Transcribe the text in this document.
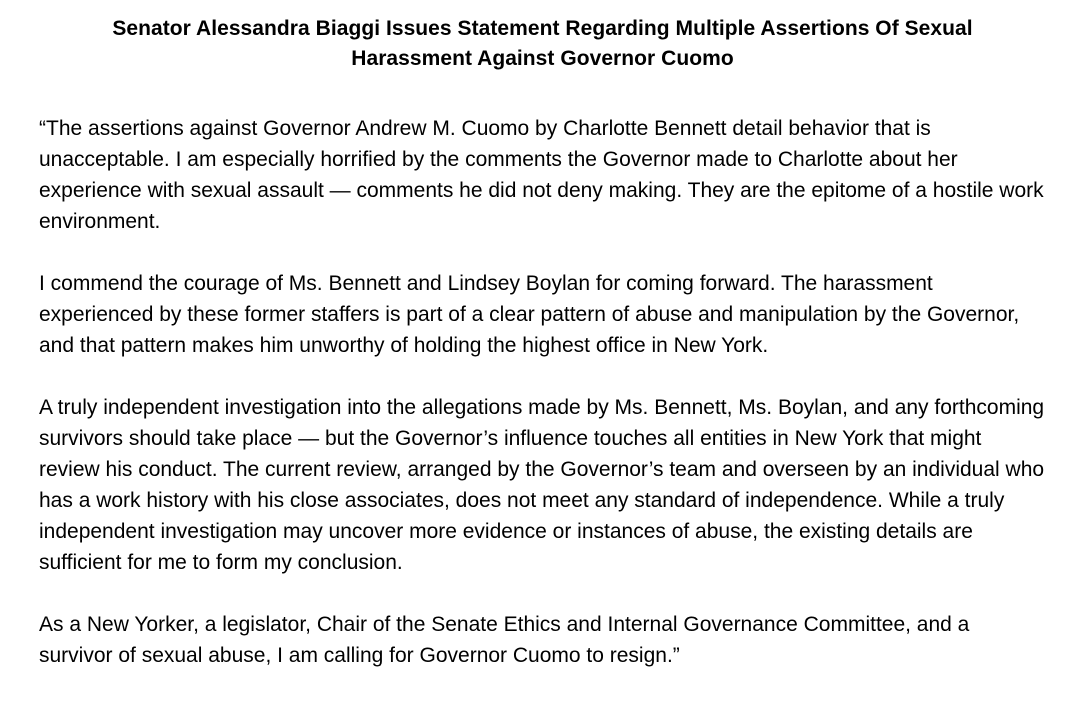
Senator Alessandra Biaggi Issues Statement Regarding Multiple Assertions Of Sexual
Harassment Against Governor Cuomo

“The assertions against Governor Andrew M. Cuomo by Charlotte Bennett detail behavior that is unacceptable. I am especially horrified by the comments the Governor made to Charlotte about her experience with sexual assault — comments he did not deny making. They are the epitome of a hostile work environment.

I commend the courage of Ms. Bennett and Lindsey Boylan for coming forward. The harassment experienced by these former staffers is part of a clear pattern of abuse and manipulation by the Governor, and that pattern makes him unworthy of holding the highest office in New York.

A truly independent investigation into the allegations made by Ms. Bennett, Ms. Boylan, and any forthcoming survivors should take place — but the Governor’s influence touches all entities in New York that might review his conduct. The current review, arranged by the Governor’s team and overseen by an individual who has a work history with his close associates, does not meet any standard of independence. While a truly independent investigation may uncover more evidence or instances of abuse, the existing details are sufficient for me to form my conclusion.

As a New Yorker, a legislator, Chair of the Senate Ethics and Internal Governance Committee, and a survivor of sexual abuse, I am calling for Governor Cuomo to resign.”
